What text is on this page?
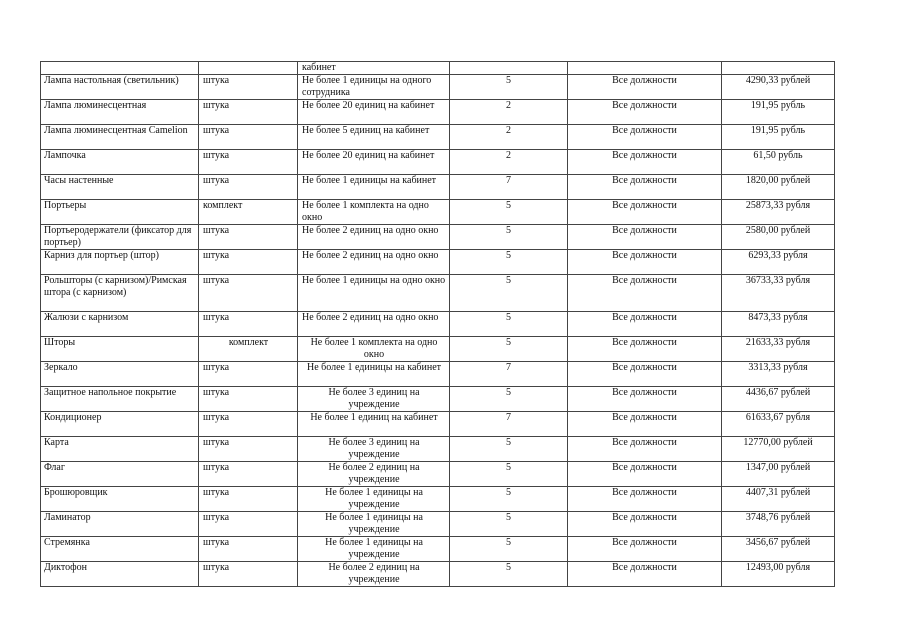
		кабинет			
Лампа настольная (светильник)	штука	Не более 1 единицы на одного сотрудника	5	Все должности	4290,33 рублей
Лампа люминесцентная	штука	Не более 20 единиц на кабинет	2	Все должности	191,95 рубль
Лампа люминесцентная Camelion	штука	Не более 5 единиц на кабинет	2	Все должности	191,95 рубль
Лампочка	штука	Не более 20 единиц на кабинет	2	Все должности	61,50 рубль
Часы настенные	штука	Не более 1 единицы на кабинет	7	Все должности	1820,00 рублей
Портьеры	комплект	Не более 1 комплекта на одно окно	5	Все должности	25873,33 рубля
Портьеродержатели (фиксатор для портьер)	штука	Не более 2 единиц на одно окно	5	Все должности	2580,00 рублей
Карниз для портьер (штор)	штука	Не более 2 единиц на одно окно	5	Все должности	6293,33 рубля
Рольшторы (с карнизом)/Римская штора (с карнизом)	штука	Не более 1 единицы на одно окно	5	Все должности	36733,33 рубля
Жалюзи с карнизом	штука	Не более 2 единиц на одно окно	5	Все должности	8473,33 рубля
Шторы	комплект	Не более 1 комплекта на одно окно	5	Все должности	21633,33 рубля
Зеркало	штука	Не более 1 единицы на кабинет	7	Все должности	3313,33 рубля
Защитное напольное покрытие	штука	Не более 3 единиц на учреждение	5	Все должности	4436,67 рублей
Кондиционер	штука	Не более 1 единиц на кабинет	7	Все должности	61633,67 рубля
Карта	штука	Не более 3 единиц на учреждение	5	Все должности	12770,00 рублей
Флаг	штука	Не более 2 единиц на учреждение	5	Все должности	1347,00 рублей
Брошюровщик	штука	Не более 1 единицы на учреждение	5	Все должности	4407,31 рублей
Ламинатор	штука	Не более 1 единицы на учреждение	5	Все должности	3748,76 рублей
Стремянка	штука	Не более 1 единицы на учреждение	5	Все должности	3456,67 рублей
Диктофон	штука	Не более 2 единиц на учреждение	5	Все должности	12493,00 рубля
